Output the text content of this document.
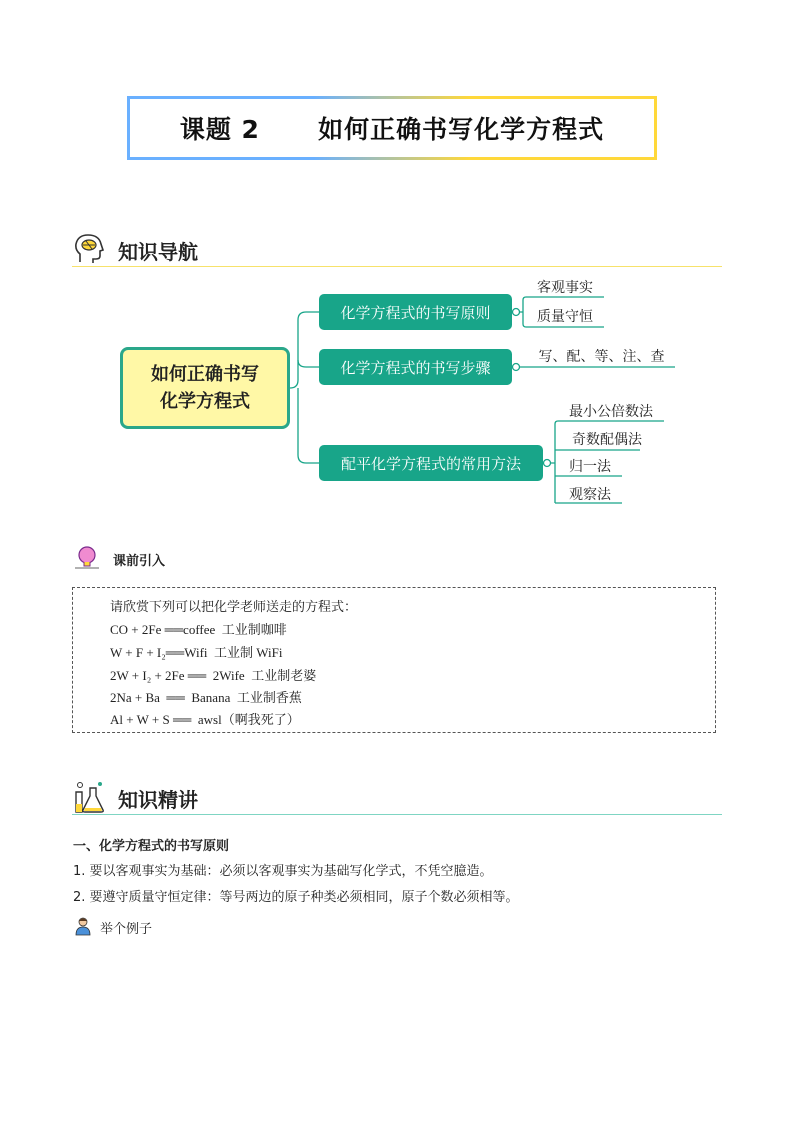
课题 2      如何正确书写化学方程式
知识导航
如何正确书写
化学方程式
化学方程式的书写原则
化学方程式的书写步骤
配平化学方程式的常用方法
客观事实
质量守恒
写、配、等、注、查
最小公倍数法
奇数配偶法
归一法
观察法
课前引入
请欣赏下列可以把化学老师送走的方程式：
CO + 2Fe ══coffee  工业制咖啡
W + F + I₂══Wifi  工业制 WiFi
2W + I₂ + 2Fe ══  2Wife  工业制老婆
2Na + Ba  ══  Banana  工业制香蕉
Al + W + S ══  awsl（啊我死了）
知识精讲
一、化学方程式的书写原则
1. 要以客观事实为基础：必须以客观事实为基础写化学式，不凭空臆造。
2. 要遵守质量守恒定律：等号两边的原子种类必须相同，原子个数必须相等。
举个例子
